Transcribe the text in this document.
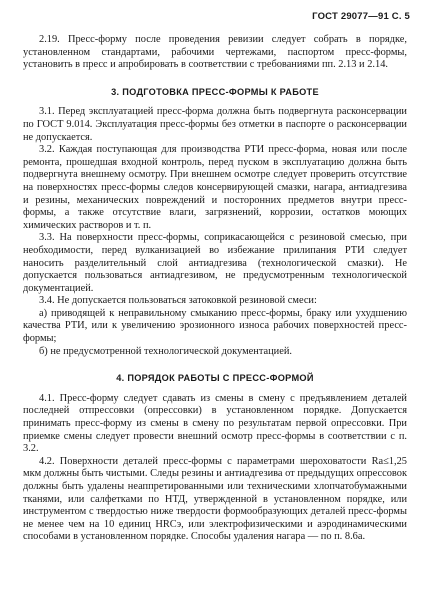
ГОСТ 29077—91 С. 5

2.19. Пресс-форму после проведения ревизии следует собрать в порядке, установленном стандартами, рабочими чертежами, паспортом пресс-формы, установить в пресс и апробировать в соответствии с требованиями пп. 2.13 и 2.14.

3. ПОДГОТОВКА ПРЕСС-ФОРМЫ К РАБОТЕ

3.1. Перед эксплуатацией пресс-форма должна быть подвергнута расконсервации по ГОСТ 9.014. Эксплуатация пресс-формы без отметки в паспорте о расконсервации не допускается.

3.2. Каждая поступающая для производства РТИ пресс-форма, новая или после ремонта, прошедшая входной контроль, перед пуском в эксплуатацию должна быть подвергнута внешнему осмотру. При внешнем осмотре следует проверить отсутствие на поверхностях пресс-формы следов консервирующей смазки, нагара, антиадгезива и резины, механических повреждений и посторонних предметов внутри пресс-формы, а также отсутствие влаги, загрязнений, коррозии, остатков моющих химических растворов и т. п.

3.3. На поверхности пресс-формы, соприкасающейся с резиновой смесью, при необходимости, перед вулканизацией во избежание прилипания РТИ следует наносить разделительный слой антиадгезива (технологической смазки). Не допускается пользоваться антиадгезивом, не предусмотренным технологической документацией.

3.4. Не допускается пользоваться затоковкой резиновой смеси:

а) приводящей к неправильному смыканию пресс-формы, браку или ухудшению качества РТИ, или к увеличению эрозионного износа рабочих поверхностей пресс-формы;

б) не предусмотренной технологической документацией.

4. ПОРЯДОК РАБОТЫ С ПРЕСС-ФОРМОЙ

4.1. Пресс-форму следует сдавать из смены в смену с предъявлением деталей последней отпрессовки (опрессовки) в установленном порядке. Допускается принимать пресс-форму из смены в смену по результатам первой опрессовки. При приемке смены следует провести внешний осмотр пресс-формы в соответствии с п. 3.2.

4.2. Поверхности деталей пресс-формы с параметрами шероховатости Ra≤1,25 мкм должны быть чистыми. Следы резины и антиадгезива от предыдущих опрессовок должны быть удалены неаппретированными или техническими хлопчатобумажными тканями, или салфетками по НТД, утвержденной в установленном порядке, или инструментом с твердостью ниже твердости формообразующих деталей пресс-формы не менее чем на 10 единиц HRCэ, или электрофизическими и аэродинамическими способами в установленном порядке. Способы удаления нагара — по п. 8.6а.
